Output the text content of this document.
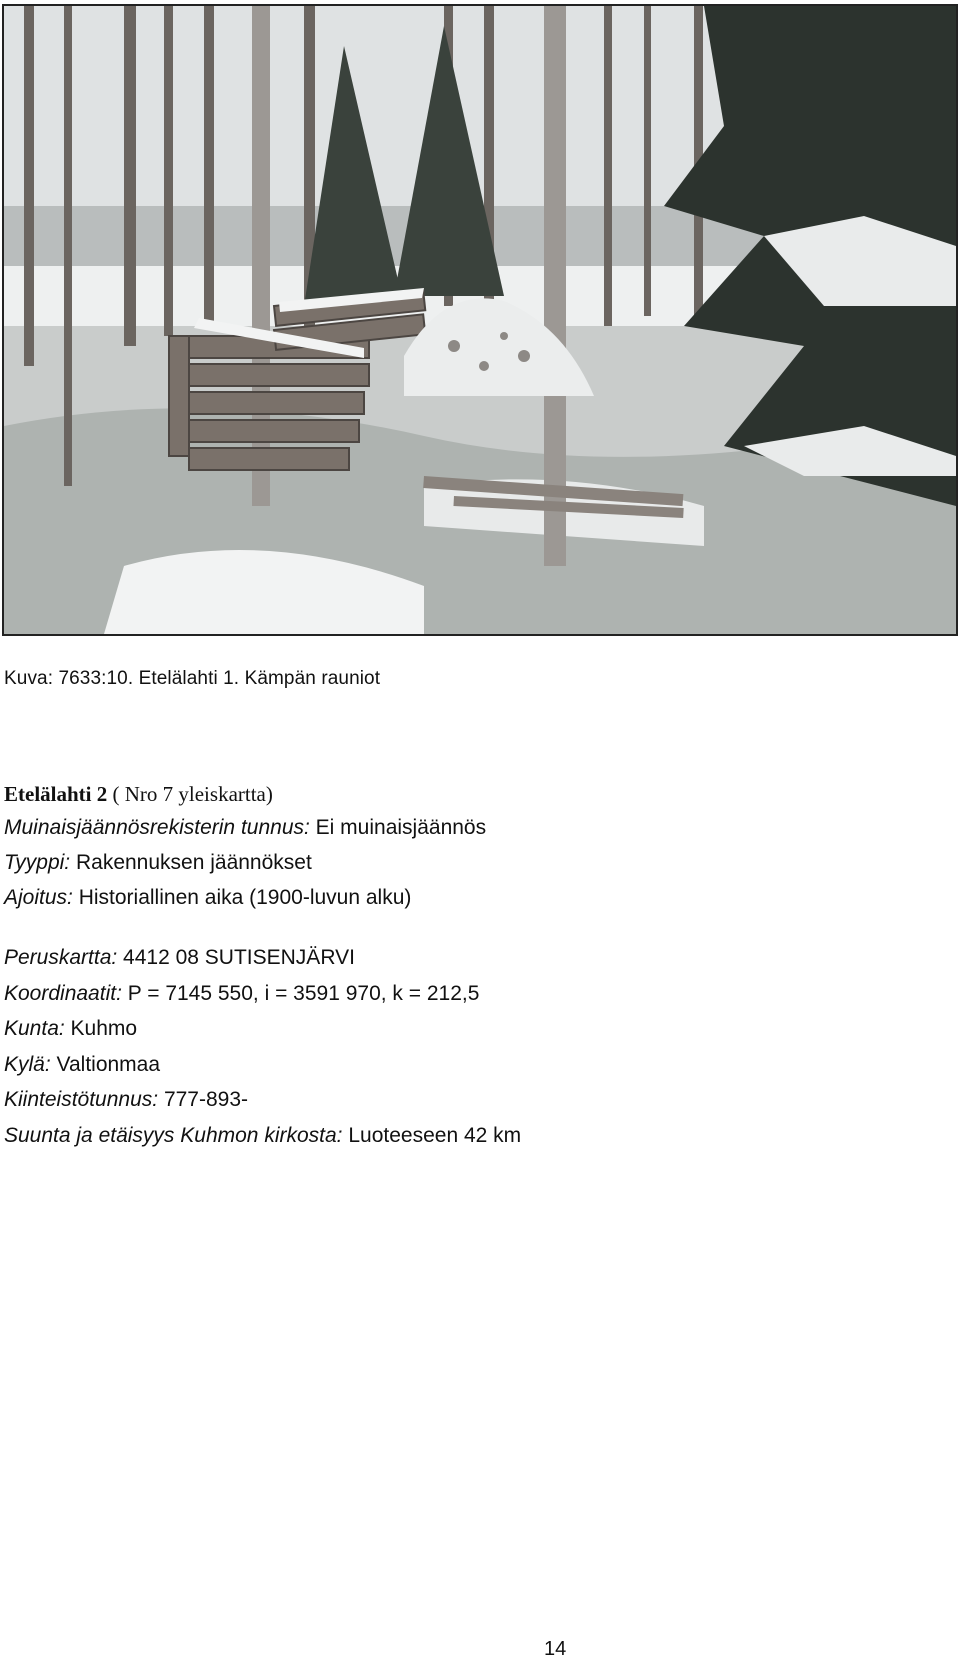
Kuva: 7633:10. Etelälahti 1. Kämpän rauniot
Etelälahti 2 ( Nro 7 yleiskartta)
Muinaisjäännösrekisterin tunnus: Ei muinaisjäännös
Tyyppi: Rakennuksen jäännökset
Ajoitus: Historiallinen aika (1900-luvun alku)
Peruskartta: 4412 08 SUTISENJÄRVI
Koordinaatit: P = 7145 550, i = 3591 970, k = 212,5
Kunta: Kuhmo
Kylä: Valtionmaa
Kiinteistötunnus: 777-893-
Suunta ja etäisyys Kuhmon kirkosta: Luoteeseen 42 km
14
